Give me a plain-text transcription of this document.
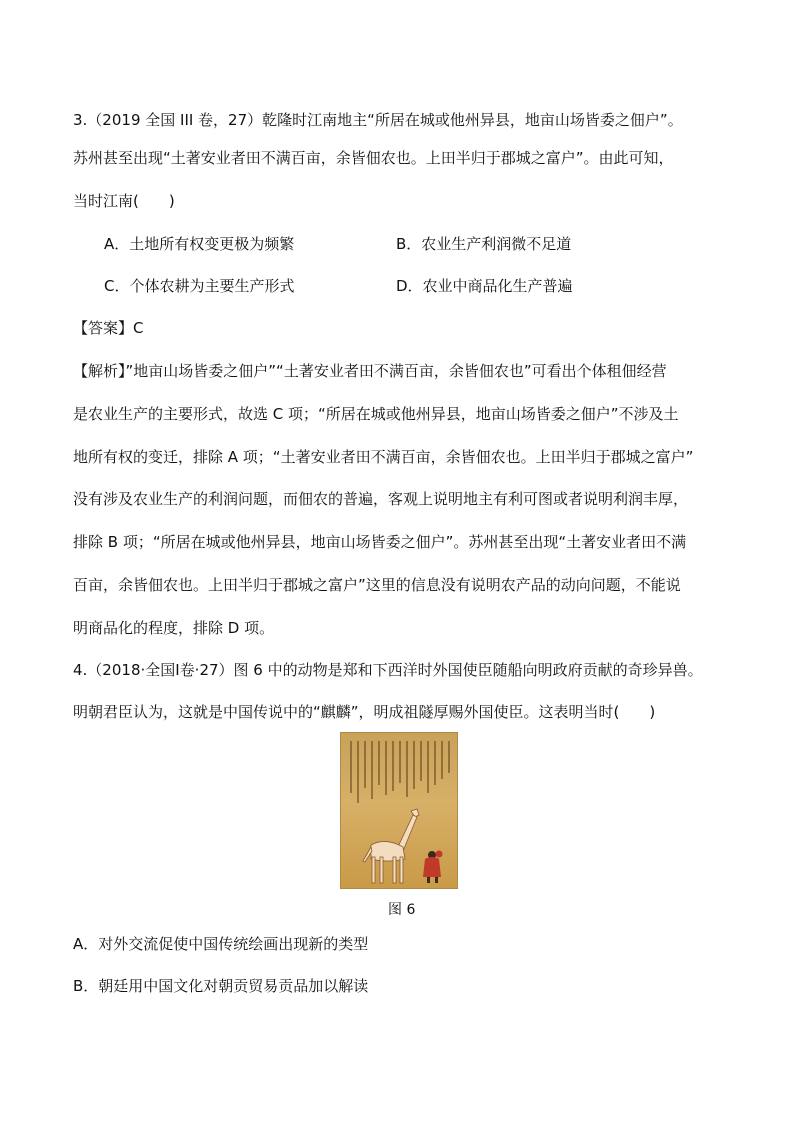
3.（2019 全国 III 卷，27）乾隆时江南地主“所居在城或他州异县，地亩山场皆委之佃户”。
苏州甚至出现“土著安业者田不满百亩，余皆佃农也。上田半归于郡城之富户”。由此可知，
当时江南(　　)
A．土地所有权变更极为频繁	B．农业生产利润微不足道
C．个体农耕为主要生产形式	D．农业中商品化生产普遍
【答案】C
【解析】”地亩山场皆委之佃户”“土著安业者田不满百亩，余皆佃农也”可看出个体租佃经营
是农业生产的主要形式，故选 C 项；“所居在城或他州异县，地亩山场皆委之佃户”不涉及土
地所有权的变迁，排除 A 项；“土著安业者田不满百亩，余皆佃农也。上田半归于郡城之富户”
没有涉及农业生产的利润问题，而佃农的普遍，客观上说明地主有利可图或者说明利润丰厚，
排除 B 项；“所居在城或他州异县，地亩山场皆委之佃户”。苏州甚至出现“土著安业者田不满
百亩，余皆佃农也。上田半归于郡城之富户”这里的信息没有说明农产品的动向问题，不能说
明商品化的程度，排除 D 项。
4.（2018·全国Ⅰ卷·27）图 6 中的动物是郑和下西洋时外国使臣随船向明政府贡献的奇珍异兽。
明朝君臣认为，这就是中国传说中的“麒麟”，明成祖隧厚赐外国使臣。这表明当时(　　)
图 6
A．对外交流促使中国传统绘画出现新的类型
B．朝廷用中国文化对朝贡贸易贡品加以解读
